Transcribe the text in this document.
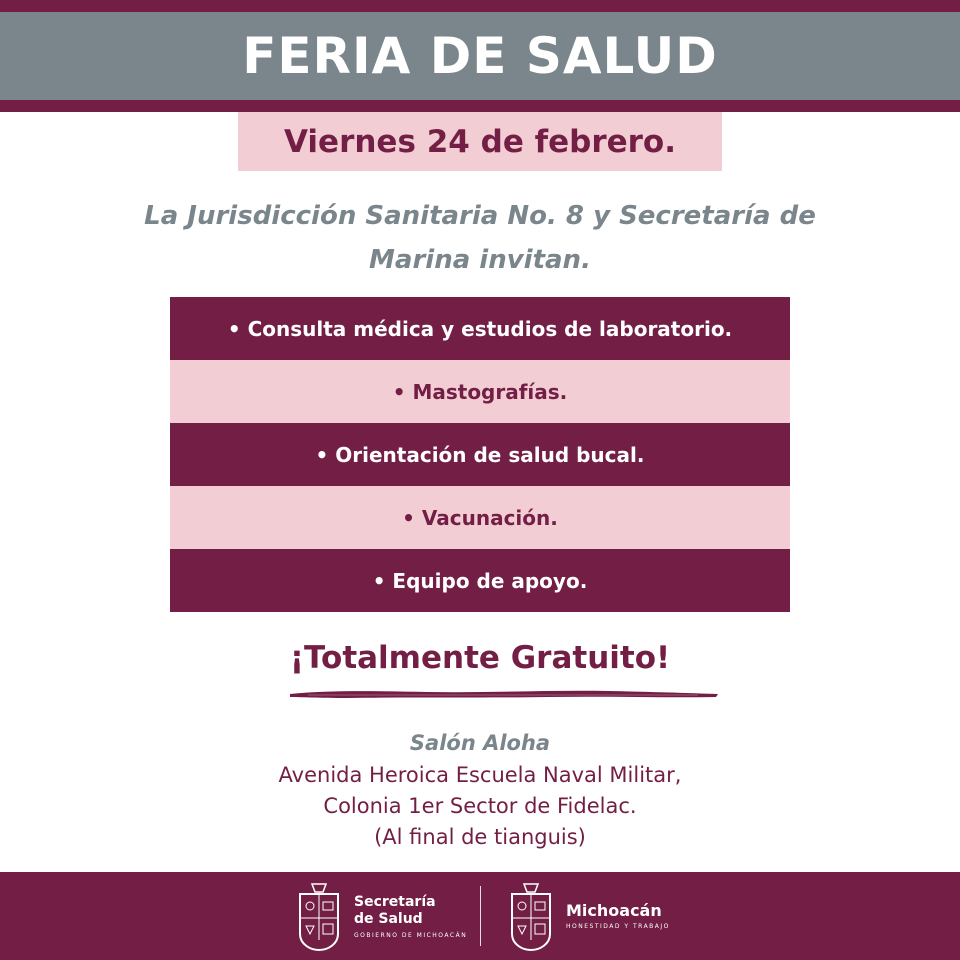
FERIA DE SALUD
Viernes 24 de febrero.
La Jurisdicción Sanitaria No. 8 y Secretaría de
Marina invitan.
• Consulta médica y estudios de laboratorio.
• Mastografías.
• Orientación de salud bucal.
• Vacunación.
• Equipo de apoyo.
¡Totalmente Gratuito!
Salón Aloha
Avenida Heroica Escuela Naval Militar,
Colonia 1er Sector de Fidelac.
(Al final de tianguis)
Secretaría
de Salud
GOBIERNO DE MICHOACÁN
Michoacán
HONESTIDAD Y TRABAJO
